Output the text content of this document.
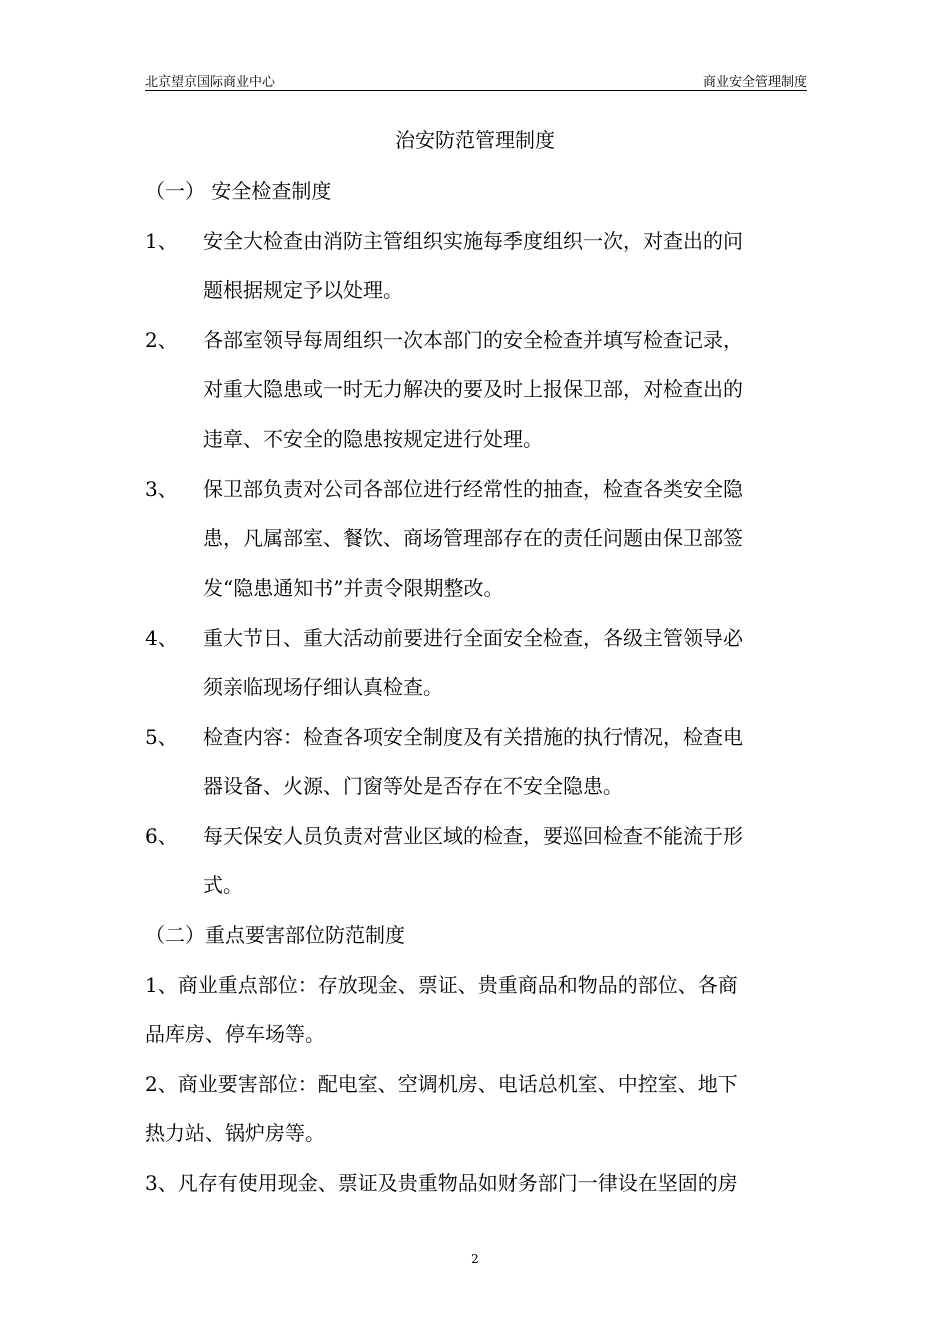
北京望京国际商业中心	商业安全管理制度
治安防范管理制度
（一） 安全检查制度
1、 安全大检查由消防主管组织实施每季度组织一次，对查出的问
题根据规定予以处理。
2、 各部室领导每周组织一次本部门的安全检查并填写检查记录，
对重大隐患或一时无力解决的要及时上报保卫部，对检查出的
违章、不安全的隐患按规定进行处理。
3、 保卫部负责对公司各部位进行经常性的抽查，检查各类安全隐
患，凡属部室、餐饮、商场管理部存在的责任问题由保卫部签
发“隐患通知书”并责令限期整改。
4、 重大节日、重大活动前要进行全面安全检查，各级主管领导必
须亲临现场仔细认真检查。
5、 检查内容：检查各项安全制度及有关措施的执行情况，检查电
器设备、火源、门窗等处是否存在不安全隐患。
6、 每天保安人员负责对营业区域的检查，要巡回检查不能流于形
式。
（二）重点要害部位防范制度
1、商业重点部位：存放现金、票证、贵重商品和物品的部位、各商
品库房、停车场等。
2、商业要害部位：配电室、空调机房、电话总机室、中控室、地下
热力站、锅炉房等。
3、凡存有使用现金、票证及贵重物品如财务部门一律设在坚固的房
2
